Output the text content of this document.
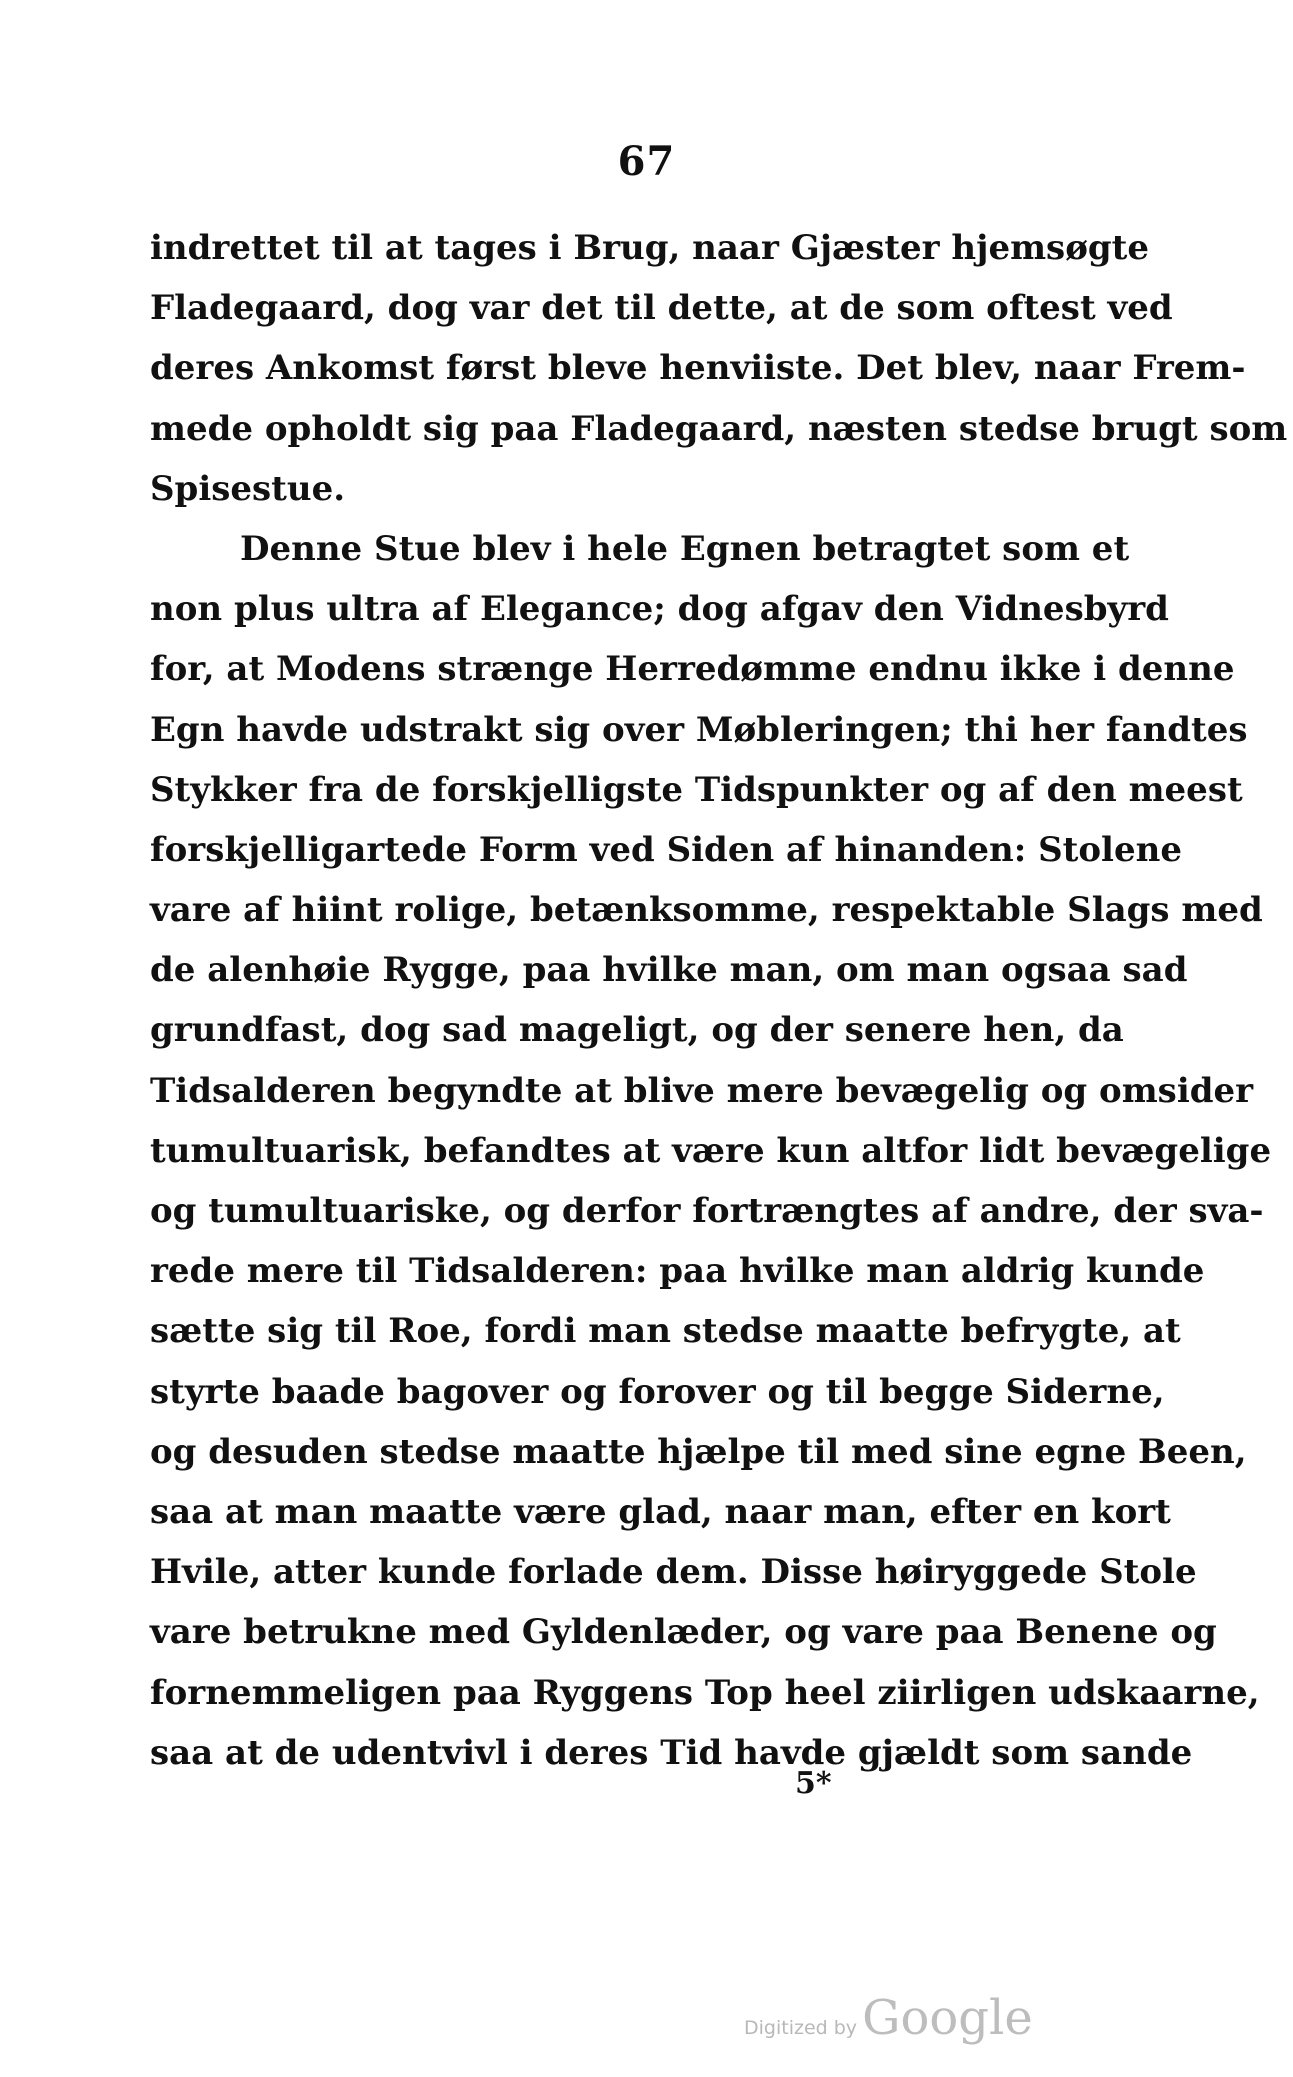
67
indrettet til at tages i Brug, naar Gjæster hjemsøgte
Fladegaard, dog var det til dette, at de som oftest ved
deres Ankomst først bleve henviiste. Det blev, naar Frem-
mede opholdt sig paa Fladegaard, næsten stedse brugt som
Spisestue.
Denne Stue blev i hele Egnen betragtet som et
non plus ultra af Elegance; dog afgav den Vidnesbyrd
for, at Modens strænge Herredømme endnu ikke i denne
Egn havde udstrakt sig over Møbleringen; thi her fandtes
Stykker fra de forskjelligste Tidspunkter og af den meest
forskjelligartede Form ved Siden af hinanden: Stolene
vare af hiint rolige, betænksomme, respektable Slags med
de alenhøie Rygge, paa hvilke man, om man ogsaa sad
grundfast, dog sad mageligt, og der senere hen, da
Tidsalderen begyndte at blive mere bevægelig og omsider
tumultuarisk, befandtes at være kun altfor lidt bevægelige
og tumultuariske, og derfor fortrængtes af andre, der sva-
rede mere til Tidsalderen: paa hvilke man aldrig kunde
sætte sig til Roe, fordi man stedse maatte befrygte, at
styrte baade bagover og forover og til begge Siderne,
og desuden stedse maatte hjælpe til med sine egne Been,
saa at man maatte være glad, naar man, efter en kort
Hvile, atter kunde forlade dem. Disse høiryggede Stole
vare betrukne med Gyldenlæder, og vare paa Benene og
fornemmeligen paa Ryggens Top heel ziirligen udskaarne,
saa at de udentvivl i deres Tid havde gjældt som sande
5*
Digitized by Google
